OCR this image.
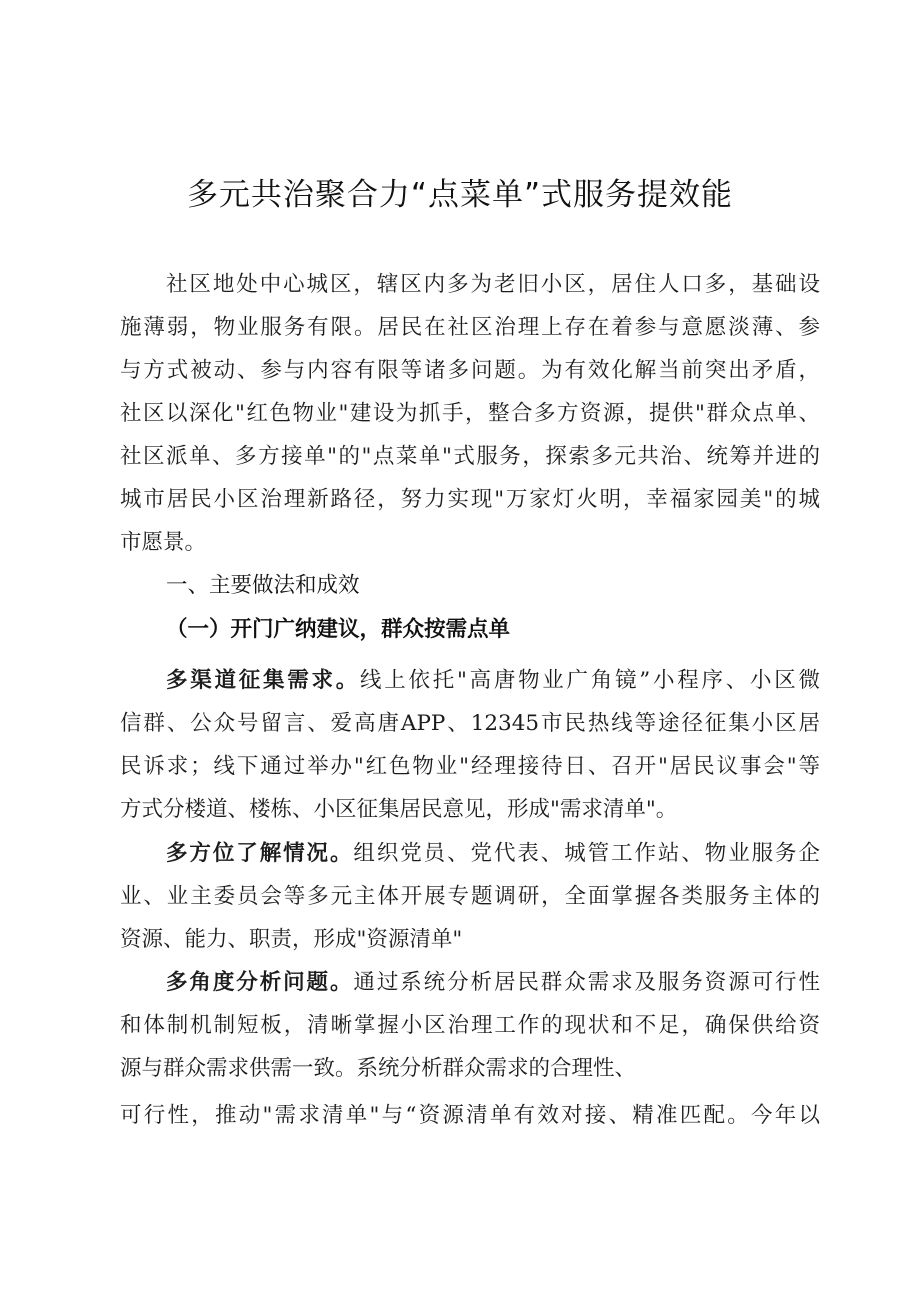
多元共治聚合力“点菜单”式服务提效能
社区地处中心城区，辖区内多为老旧小区，居住人口多，基础设
施薄弱，物业服务有限。居民在社区治理上存在着参与意愿淡薄、参
与方式被动、参与内容有限等诸多问题。为有效化解当前突出矛盾，
社区以深化"红色物业"建设为抓手，整合多方资源，提供"群众点单、
社区派单、多方接单"的"点菜单"式服务，探索多元共治、统筹并进的
城市居民小区治理新路径，努力实现"万家灯火明，幸福家园美"的城
市愿景。
一、主要做法和成效
（一）开门广纳建议，群众按需点单
多渠道征集需求。线上依托"高唐物业广角镜”小程序、小区微
信群、公众号留言、爱高唐APP、12345市民热线等途径征集小区居
民诉求；线下通过举办"红色物业"经理接待日、召开"居民议事会"等
方式分楼道、楼栋、小区征集居民意见，形成"需求清单"。
多方位了解情况。组织党员、党代表、城管工作站、物业服务企
业、业主委员会等多元主体开展专题调研，全面掌握各类服务主体的
资源、能力、职责，形成"资源清单"
多角度分析问题。通过系统分析居民群众需求及服务资源可行性
和体制机制短板，清晰掌握小区治理工作的现状和不足，确保供给资
源与群众需求供需一致。系统分析群众需求的合理性、
可行性，推动"需求清单"与“资源清单有效对接、精准匹配。今年以
